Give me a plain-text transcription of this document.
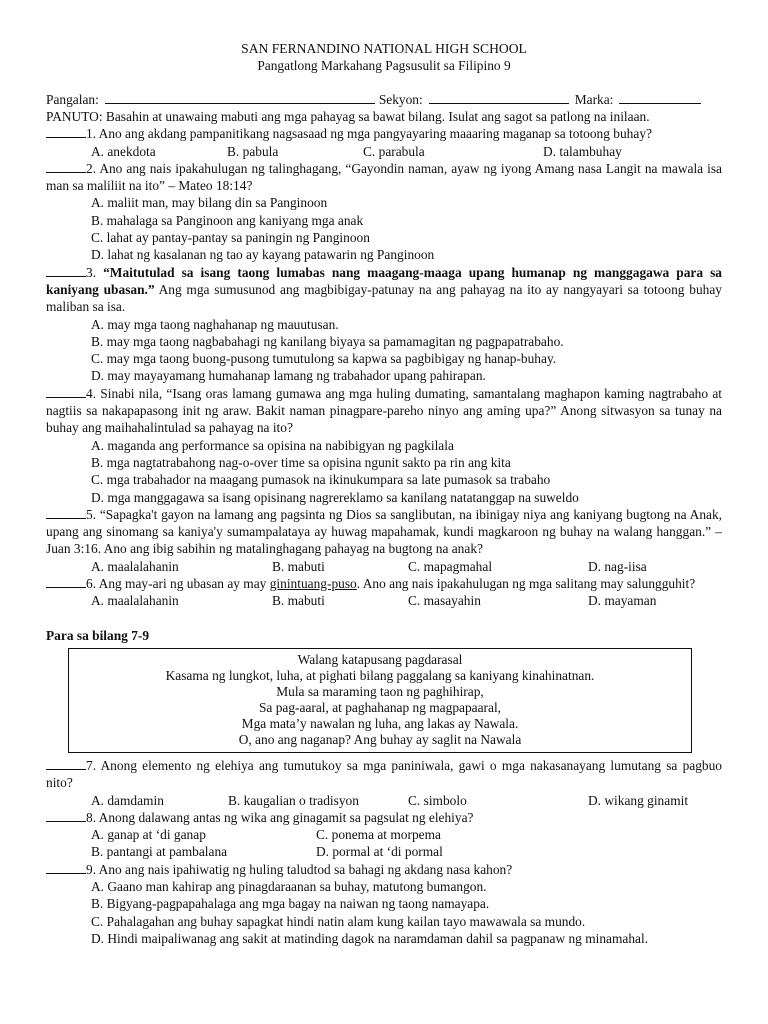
SAN FERNANDINO NATIONAL HIGH SCHOOL
Pangatlong Markahang Pagsusulit sa Filipino 9
Pangalan:	Sekyon:	Marka:
PANUTO: Basahin at unawaing mabuti ang mga pahayag sa bawat bilang. Isulat ang sagot sa patlong na inilaan.
1. Ano ang akdang pampanitikang nagsasaad ng mga pangyayaring maaaring maganap sa totoong buhay?
A. anekdota	B. pabula	C. parabula	D. talambuhay
2. Ano ang nais ipakahulugan ng talinghagang, “Gayondin naman, ayaw ng iyong Amang nasa Langit na mawala isa man sa maliliit na ito” – Mateo 18:14?
A. maliit man, may bilang din sa Panginoon
B. mahalaga sa Panginoon ang kaniyang mga anak
C. lahat ay pantay-pantay sa paningin ng Panginoon
D. lahat ng kasalanan ng tao ay kayang patawarin ng Panginoon
3. “Maitutulad sa isang taong lumabas nang maagang-maaga upang humanap ng manggagawa para sa kaniyang ubasan.” Ang mga sumusunod ang magbibigay-patunay na ang pahayag na ito ay nangyayari sa totoong buhay maliban sa isa.
A. may mga taong naghahanap ng mauutusan.
B. may mga taong nagbabahagi ng kanilang biyaya sa pamamagitan ng pagpapatrabaho.
C. may mga taong buong-pusong tumutulong sa kapwa sa pagbibigay ng hanap-buhay.
D. may mayayamang humahanap lamang ng trabahador upang pahirapan.
4. Sinabi nila, “Isang oras lamang gumawa ang mga huling dumating, samantalang maghapon kaming nagtrabaho at nagtiis sa nakapapasong init ng araw. Bakit naman pinagpare-pareho ninyo ang aming upa?” Anong sitwasyon sa tunay na buhay ang maihahalintulad sa pahayag na ito?
A. maganda ang performance sa opisina na nabibigyan ng pagkilala
B. mga nagtatrabahong nag-o-over time sa opisina ngunit sakto pa rin ang kita
C. mga trabahador na maagang pumasok na ikinukumpara sa late pumasok sa trabaho
D. mga manggagawa sa isang opisinang nagrereklamo sa kanilang natatanggap na suweldo
5. “Sapagka't gayon na lamang ang pagsinta ng Dios sa sanglibutan, na ibinigay niya ang kaniyang bugtong na Anak, upang ang sinomang sa kaniya'y sumampalataya ay huwag mapahamak, kundi magkaroon ng buhay na walang hanggan.” – Juan 3:16. Ano ang ibig sabihin ng matalinghagang pahayag na bugtong na anak?
A. maalalahanin	B. mabuti	C. mapagmahal	D. nag-iisa
6. Ang may-ari ng ubasan ay may ginintuang-puso. Ano ang nais ipakahulugan ng mga salitang may salungguhit?
A. maalalahanin	B. mabuti	C. masayahin	D. mayaman
Para sa bilang 7-9
Walang katapusang pagdarasal
Kasama ng lungkot, luha, at pighati bilang paggalang sa kaniyang kinahinatnan.
Mula sa maraming taon ng paghihirap,
Sa pag-aaral, at paghahanap ng magpapaaral,
Mga mata’y nawalan ng luha, ang lakas ay Nawala.
O, ano ang naganap? Ang buhay ay saglit na Nawala
7. Anong elemento ng elehiya ang tumutukoy sa mga paniniwala, gawi o mga nakasanayang lumutang sa pagbuo nito?
A. damdamin	B. kaugalian o tradisyon	C. simbolo	D. wikang ginamit
8. Anong dalawang antas ng wika ang ginagamit sa pagsulat ng elehiya?
A. ganap at ‘di ganap	C. ponema at morpema
B. pantangi at pambalana	D. pormal at ‘di pormal
9. Ano ang nais ipahiwatig ng huling taludtod sa bahagi ng akdang nasa kahon?
A. Gaano man kahirap ang pinagdaraanan sa buhay, matutong bumangon.
B. Bigyang-pagpapahalaga ang mga bagay na naiwan ng taong namayapa.
C. Pahalagahan ang buhay sapagkat hindi natin alam kung kailan tayo mawawala sa mundo.
D. Hindi maipaliwanag ang sakit at matinding dagok na naramdaman dahil sa pagpanaw ng minamahal.
